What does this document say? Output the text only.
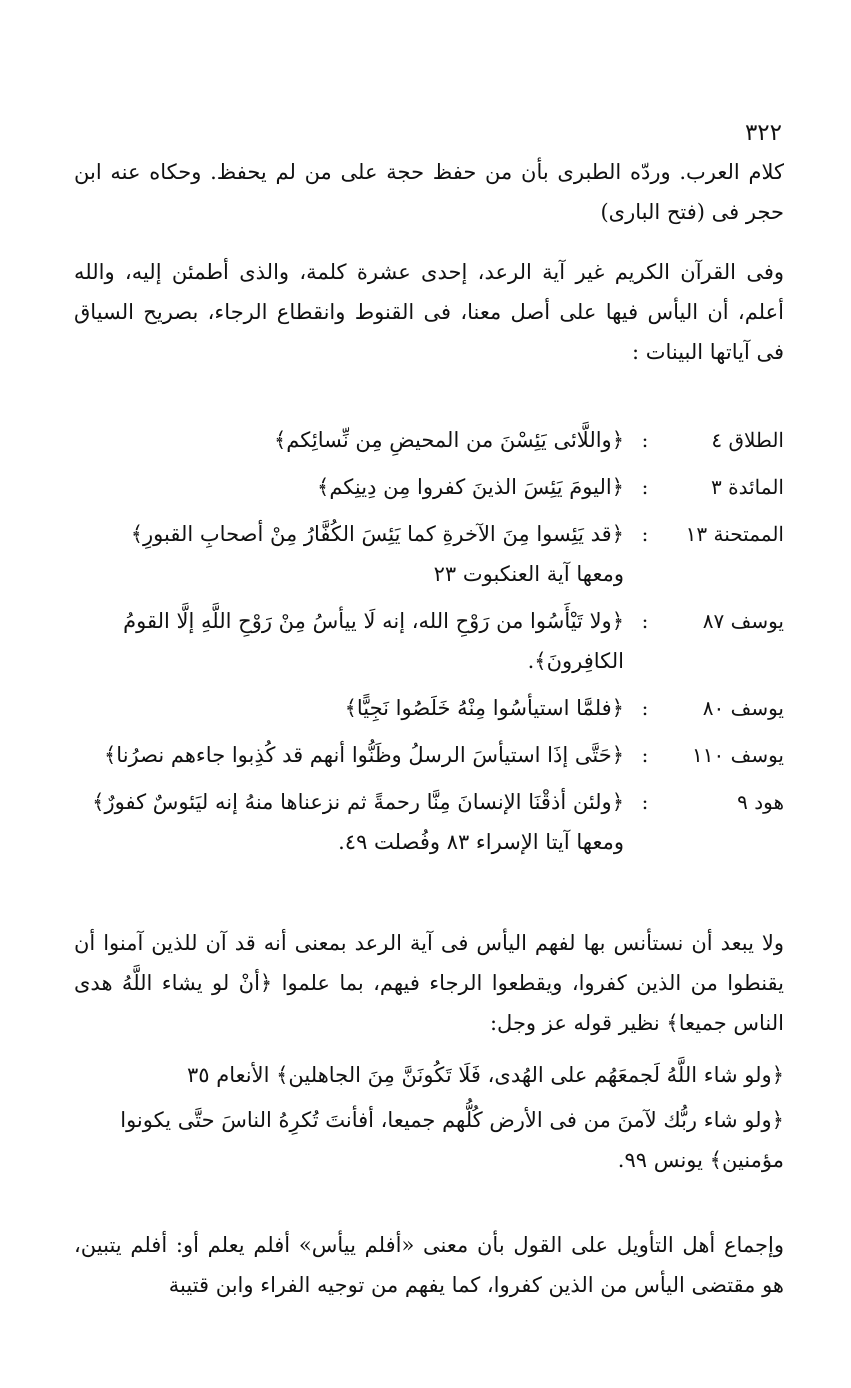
٣٢٢

كلام العرب. وردّه الطبرى بأن من حفظ حجة على من لم يحفظ. وحكاه عنه ابن حجر فى (فتح البارى)

وفى القرآن الكريم غير آية الرعد، إحدى عشرة كلمة، والذى أطمئن إليه، والله أعلم، أن اليأس فيها على أصل معنا، فى القنوط وانقطاع الرجاء، بصريح السياق فى آياتها البينات :

الطلاق ٤
:
﴿واللَّائى يَئِسْنَ من المحيضِ مِن نِّسائِكم﴾
المائدة ٣
:
﴿اليومَ يَئِسَ الذينَ كفروا مِن دِينِكم﴾
الممتحنة ١٣
:
﴿قد يَئِسوا مِنَ الآخرةِ كما يَئِسَ الكُفَّارُ مِنْ أصحابِ القبورِ﴾
ومعها آية العنكبوت ٢٣
يوسف ٨٧
:
﴿ولا تَيْأَسُوا من رَوْحِ الله، إنه لَا ييأسُ مِنْ رَوْحِ اللَّهِ إلَّا القومُ الكافِرونَ﴾.
يوسف ٨٠
:
﴿فلمَّا استيأسُوا مِنْهُ خَلَصُوا نَجِيًّا﴾
يوسف ١١٠
:
﴿حَتَّى إذَا استيأسَ الرسلُ وظَنُّوا أنهم قد كُذِبوا جاءهم نصرُنا﴾
هود ٩
:
﴿ولئن أذقْنَا الإنسانَ مِنَّا رحمةً ثم نزعناها منهُ إنه ليَئوسٌ كفورٌ﴾ ومعها آيتا الإسراء ٨٣ وفُصلت ٤٩.

ولا يبعد أن نستأنس بها لفهم اليأس فى آية الرعد بمعنى أنه قد آن للذين آمنوا أن يقنطوا من الذين كفروا، ويقطعوا الرجاء فيهم، بما علموا ﴿أنْ لو يشاء اللَّهُ هدى الناس جميعا﴾ نظير قوله عز وجل:

﴿ولو شاء اللَّهُ لَجمعَهُم على الهُدى، فَلَا تَكُونَنَّ مِنَ الجاهلين﴾ الأنعام ٣٥
﴿ولو شاء ربُّك لآمنَ من فى الأرض كُلُّهم جميعا، أفأنتَ تُكرِهُ الناسَ حتَّى يكونوا مؤمنين﴾ يونس ٩٩.

وإجماع أهل التأويل على القول بأن معنى «أفلم ييأس» أفلم يعلم أو: أفلم يتبين، هو مقتضى اليأس من الذين كفروا، كما يفهم من توجيه الفراء وابن قتيبة
